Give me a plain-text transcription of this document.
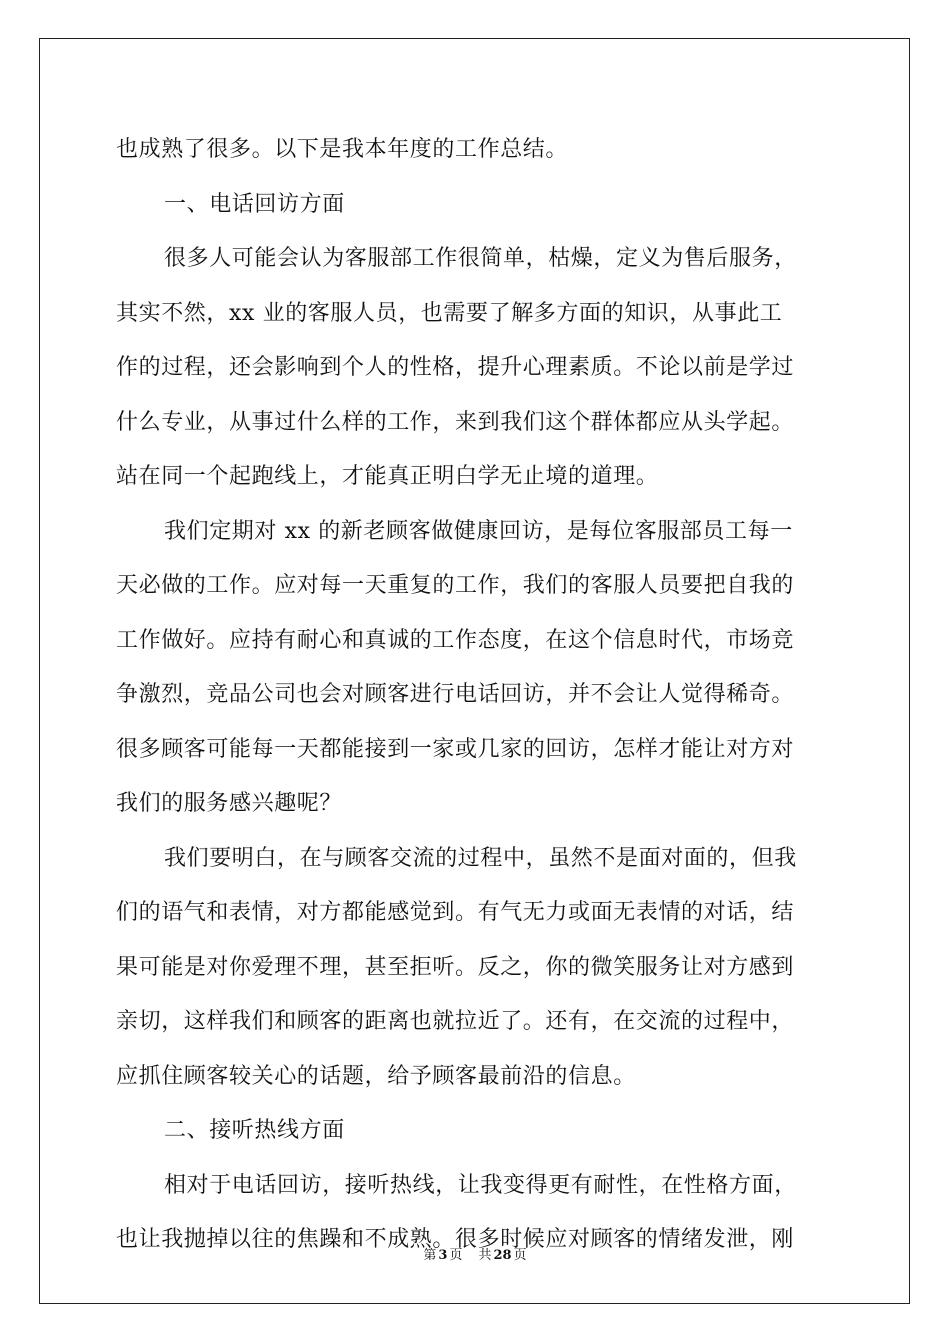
也成熟了很多。以下是我本年度的工作总结。
一、电话回访方面
很多人可能会认为客服部工作很简单，枯燥，定义为售后服务，
其实不然，xx 业的客服人员，也需要了解多方面的知识，从事此工
作的过程，还会影响到个人的性格，提升心理素质。不论以前是学过
什么专业，从事过什么样的工作，来到我们这个群体都应从头学起。
站在同一个起跑线上，才能真正明白学无止境的道理。
我们定期对 xx 的新老顾客做健康回访，是每位客服部员工每一
天必做的工作。应对每一天重复的工作，我们的客服人员要把自我的
工作做好。应持有耐心和真诚的工作态度，在这个信息时代，市场竞
争激烈，竞品公司也会对顾客进行电话回访，并不会让人觉得稀奇。
很多顾客可能每一天都能接到一家或几家的回访，怎样才能让对方对
我们的服务感兴趣呢？
我们要明白，在与顾客交流的过程中，虽然不是面对面的，但我
们的语气和表情，对方都能感觉到。有气无力或面无表情的对话，结
果可能是对你爱理不理，甚至拒听。反之，你的微笑服务让对方感到
亲切，这样我们和顾客的距离也就拉近了。还有，在交流的过程中，
应抓住顾客较关心的话题，给予顾客最前沿的信息。
二、接听热线方面
相对于电话回访，接听热线，让我变得更有耐性，在性格方面，
也让我抛掉以往的焦躁和不成熟。很多时候应对顾客的情绪发泄，刚
第 3 页 共 28 页
